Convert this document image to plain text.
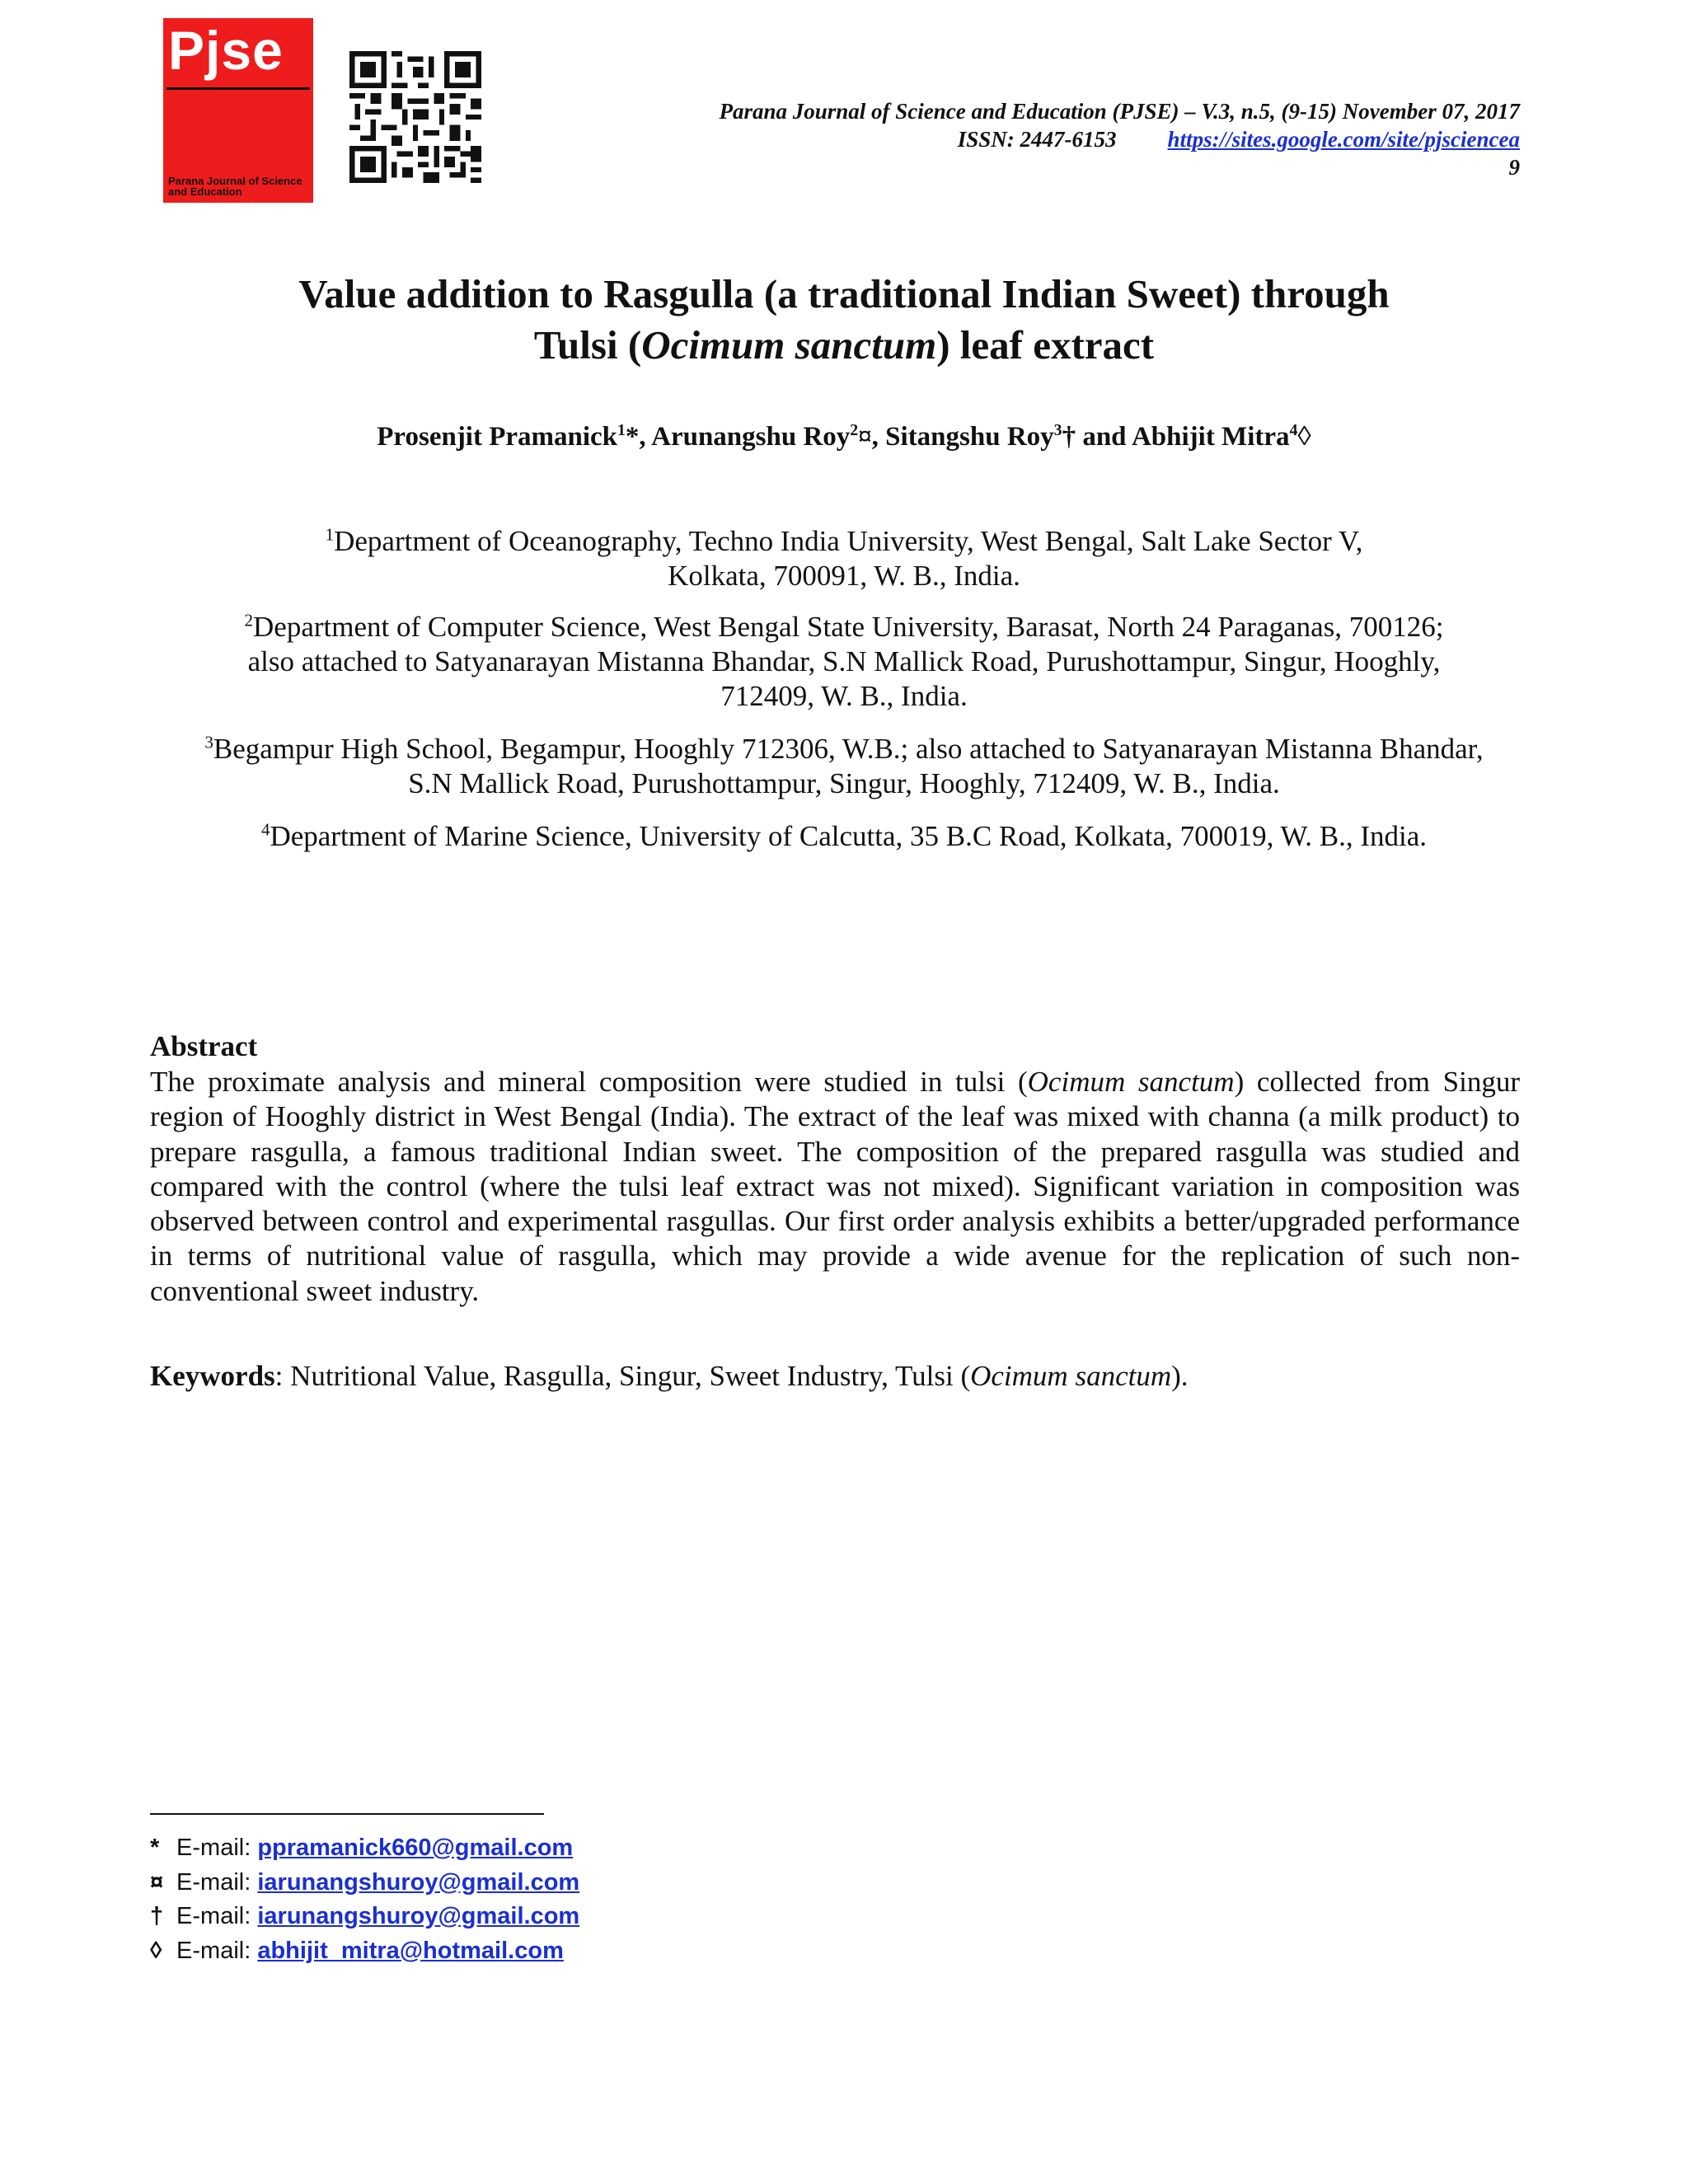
Pjse
Parana Journal of Science and Education
Parana Journal of Science and Education (PJSE) – V.3, n.5, (9-15) November 07, 2017
ISSN: 2447-6153 https://sites.google.com/site/pjsciencea
9
Value addition to Rasgulla (a traditional Indian Sweet) through
Tulsi (Ocimum sanctum) leaf extract
Prosenjit Pramanick$^1$*, Arunangshu Roy$^2$¤, Sitangshu Roy$^3$† and Abhijit Mitra$^4$◊
$^1$Department of Oceanography, Techno India University, West Bengal, Salt Lake Sector V,
Kolkata, 700091, W. B., India.
$^2$Department of Computer Science, West Bengal State University, Barasat, North 24 Paraganas, 700126;
also attached to Satyanarayan Mistanna Bhandar, S.N Mallick Road, Purushottampur, Singur, Hooghly,
712409, W. B., India.
$^3$Begampur High School, Begampur, Hooghly 712306, W.B.; also attached to Satyanarayan Mistanna Bhandar,
S.N Mallick Road, Purushottampur, Singur, Hooghly, 712409, W. B., India.
$^4$Department of Marine Science, University of Calcutta, 35 B.C Road, Kolkata, 700019, W. B., India.
Abstract
The proximate analysis and mineral composition were studied in tulsi (Ocimum sanctum) collected from Singur region of Hooghly district in West Bengal (India). The extract of the leaf was mixed with channa (a milk product) to prepare rasgulla, a famous traditional Indian sweet. The composition of the prepared rasgulla was studied and compared with the control (where the tulsi leaf extract was not mixed). Significant variation in composition was observed between control and experimental rasgullas. Our first order analysis exhibits a better/upgraded performance in terms of nutritional value of rasgulla, which may provide a wide avenue for the replication of such non-conventional sweet industry.
Keywords: Nutritional Value, Rasgulla, Singur, Sweet Industry, Tulsi (Ocimum sanctum).
* E-mail: ppramanick660@gmail.com
¤ E-mail: iarunangshuroy@gmail.com
† E-mail: iarunangshuroy@gmail.com
◊ E-mail: abhijit_mitra@hotmail.com
